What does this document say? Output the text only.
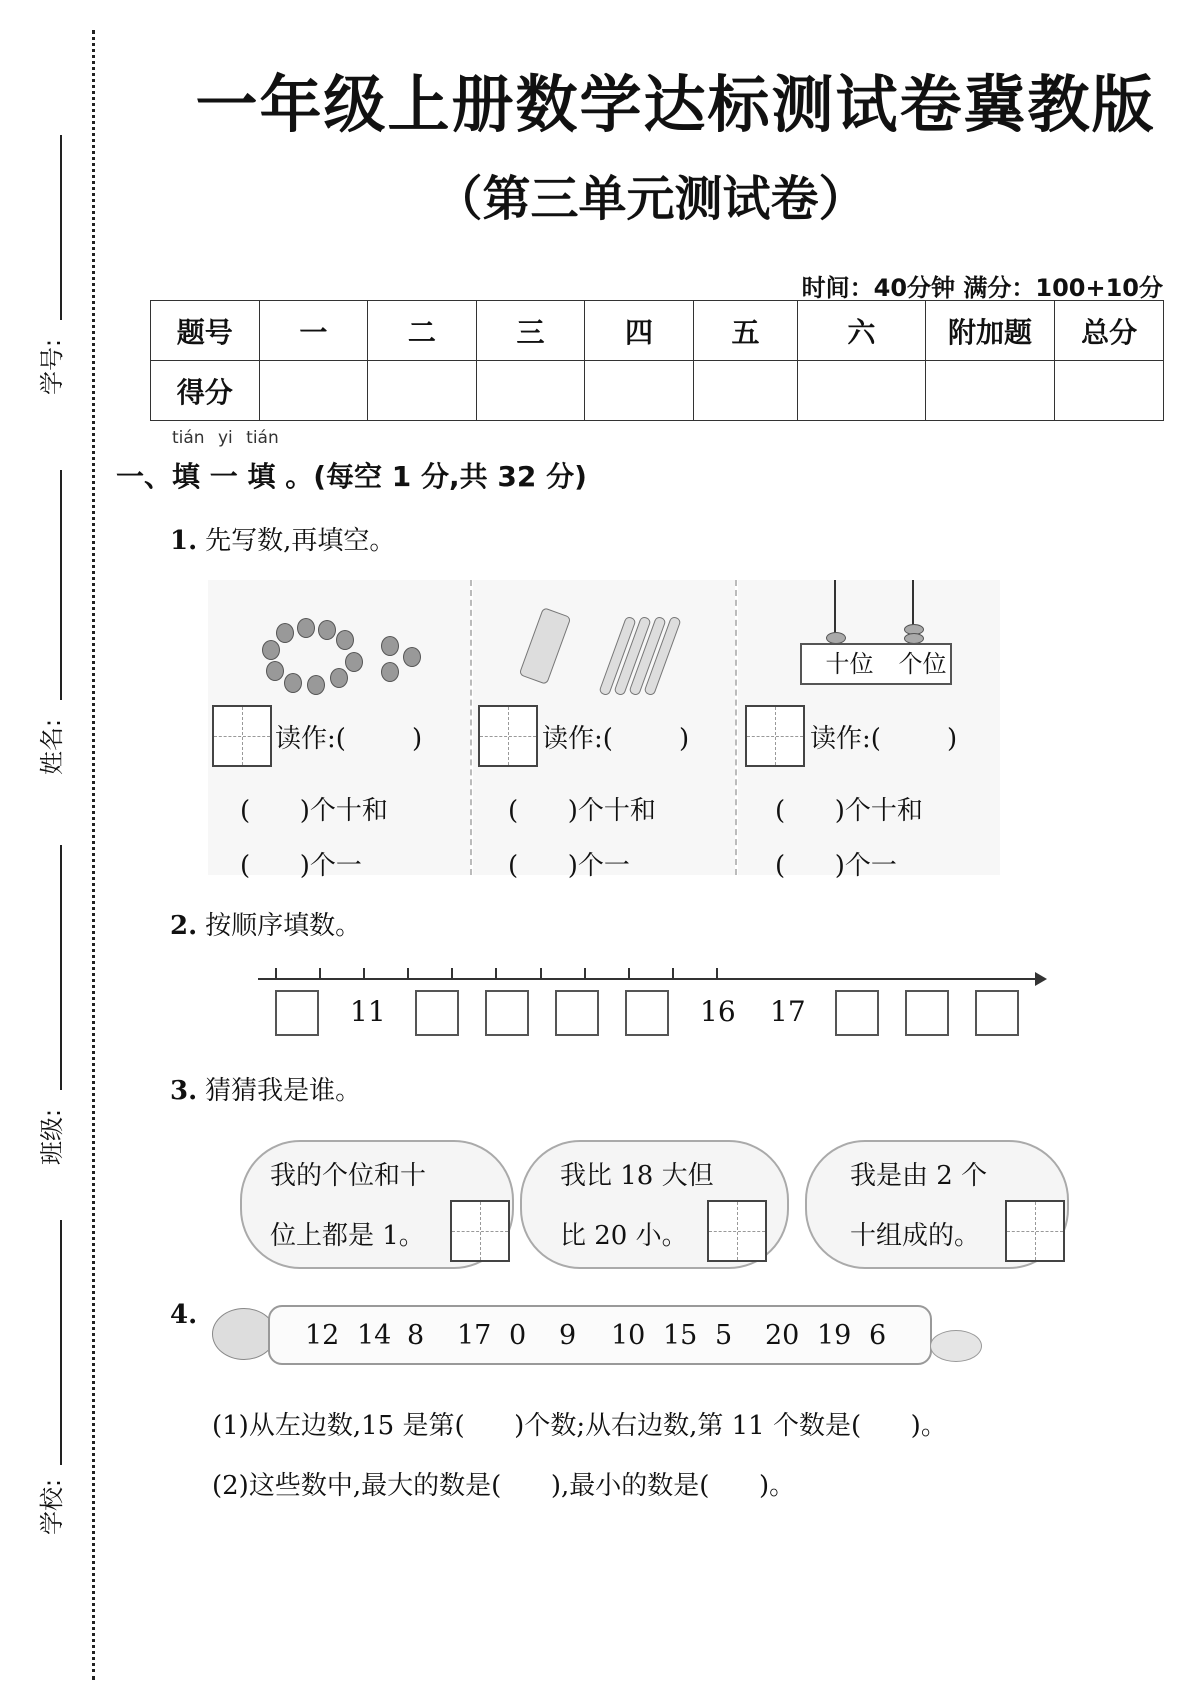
学号:
姓名:
班级:
学校:
一年级上册数学达标测试卷冀教版
（第三单元测试卷）
时间：40分钟 满分：100+10分
题号	一	二	三	四	五	六	附加题	总分
得分								
tián yi tián
一、填 一 填 。(每空 1 分,共 32 分)
1. 先写数,再填空。
十位	个位
读作:(        )
(      )个十和
(      )个一
读作:(        )
(      )个十和
(      )个一
读作:(        )
(      )个十和
(      )个一
2. 按顺序填数。
11	16 17
3. 猜猜我是谁。
我的个位和十
位上都是 1。
我比 18 大但
比 20 小。
我是由 2 个
十组成的。
4.
12 14 8	17 0	9	10 15 5	20 19 6
(1)从左边数,15 是第(      )个数;从右边数,第 11 个数是(      )。
(2)这些数中,最大的数是(      ),最小的数是(      )。
